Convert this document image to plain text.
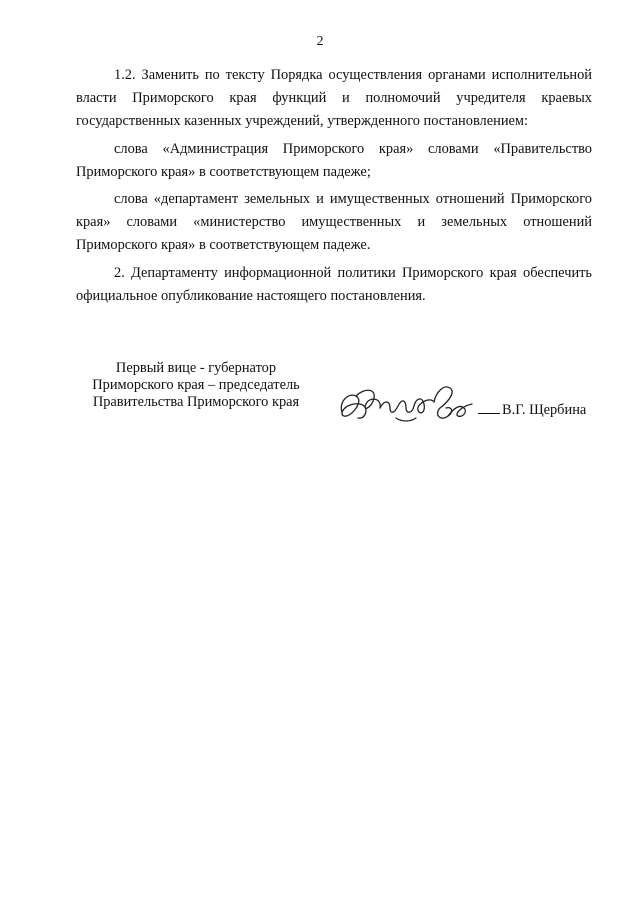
2

1.2. Заменить по тексту Порядка осуществления органами исполнительной власти Приморского края функций и полномочий учредителя краевых государственных казенных учреждений, утвержденного постановлением:

слова «Администрация Приморского края» словами «Правительство Приморского края» в соответствующем падеже;

слова «департамент земельных и имущественных отношений Приморского края» словами «министерство имущественных и земельных отношений Приморского края» в соответствующем падеже.

2. Департаменту информационной политики Приморского края обеспечить официальное опубликование настоящего постановления.

Первый вице - губернатор
Приморского края – председатель
Правительства Приморского края	В.Г. Щербина
